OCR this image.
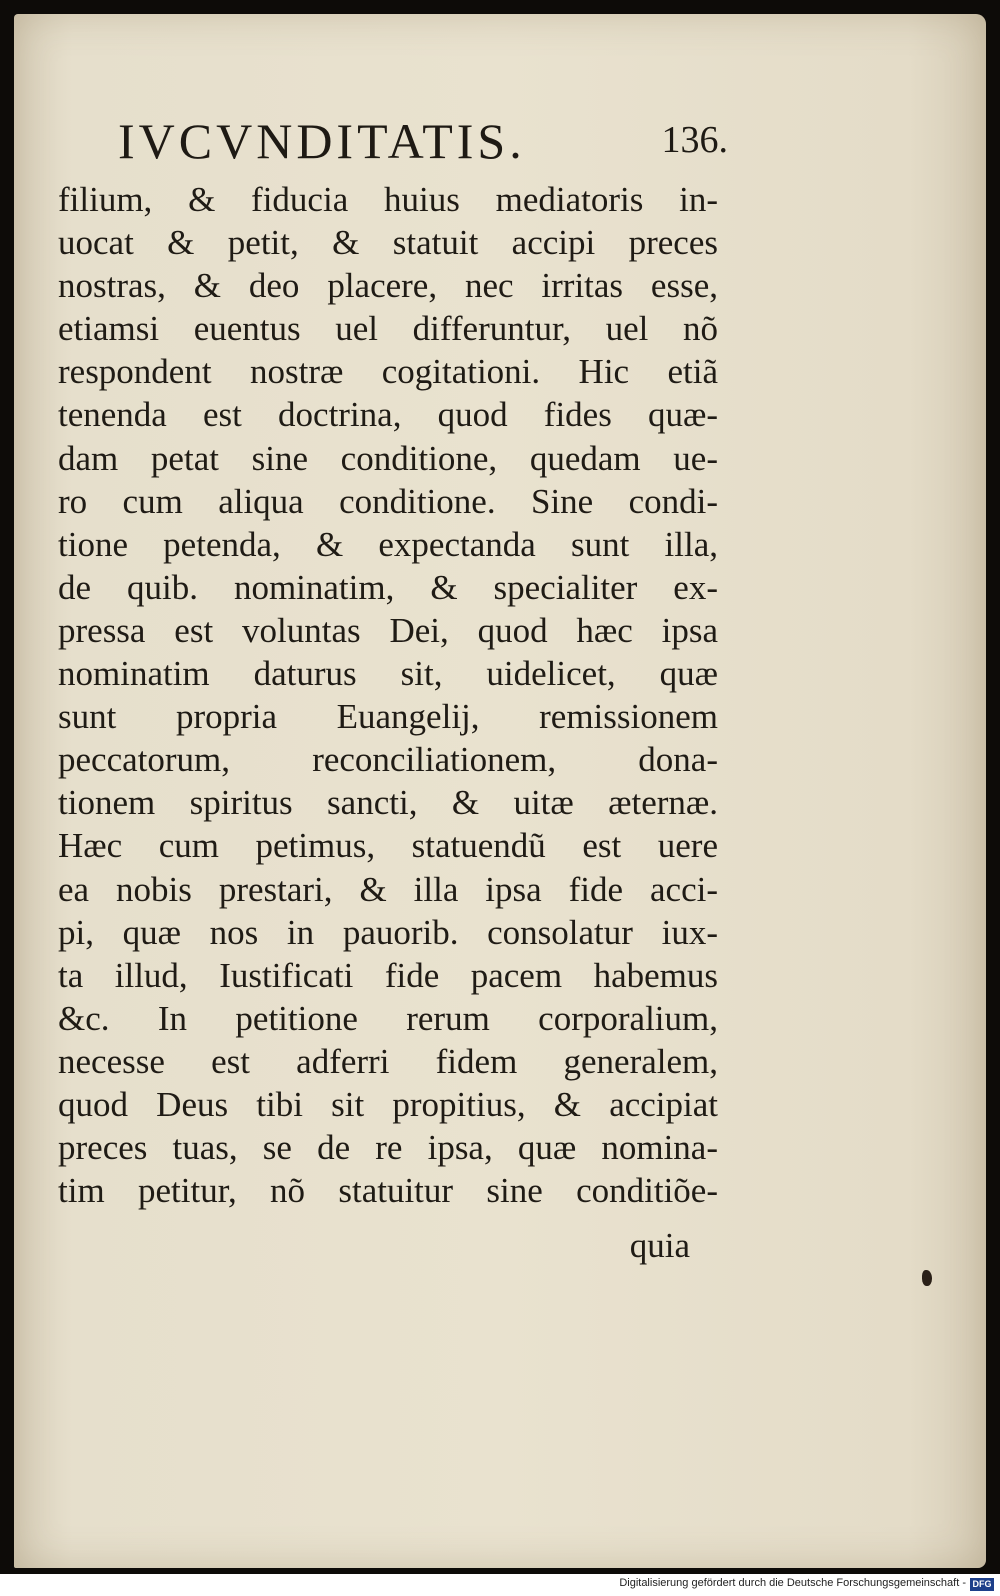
IVCVNDITATIS.	136.
filium, & fiducia huius mediatoris in-
uocat & petit, & statuit accipi preces
nostras, & deo placere, nec irritas esse,
etiamsi euentus uel differuntur, uel nõ
respondent nostræ cogitationi. Hic etiã
tenenda est doctrina, quod fides quæ-
dam petat sine conditione, quedam ue-
ro cum aliqua conditione. Sine condi-
tione petenda, & expectanda sunt illa,
de quib. nominatim, & specialiter ex-
pressa est voluntas Dei, quod hæc ipsa
nominatim daturus sit, uidelicet, quæ
sunt propria Euangelij, remissionem
peccatorum, reconciliationem, dona-
tionem spiritus sancti, & uitæ æternæ.
Hæc cum petimus, statuendũ est uere
ea nobis prestari, & illa ipsa fide acci-
pi, quæ nos in pauorib. consolatur iux-
ta illud, Iustificati fide pacem habemus
&c. In petitione rerum corporalium,
necesse est adferri fidem generalem,
quod Deus tibi sit propitius, & accipiat
preces tuas, se de re ipsa, quæ nomina-
tim petitur, nõ statuitur sine conditiõe-
quia
Digitalisierung gefördert durch die Deutsche Forschungsgemeinschaft - DFG
